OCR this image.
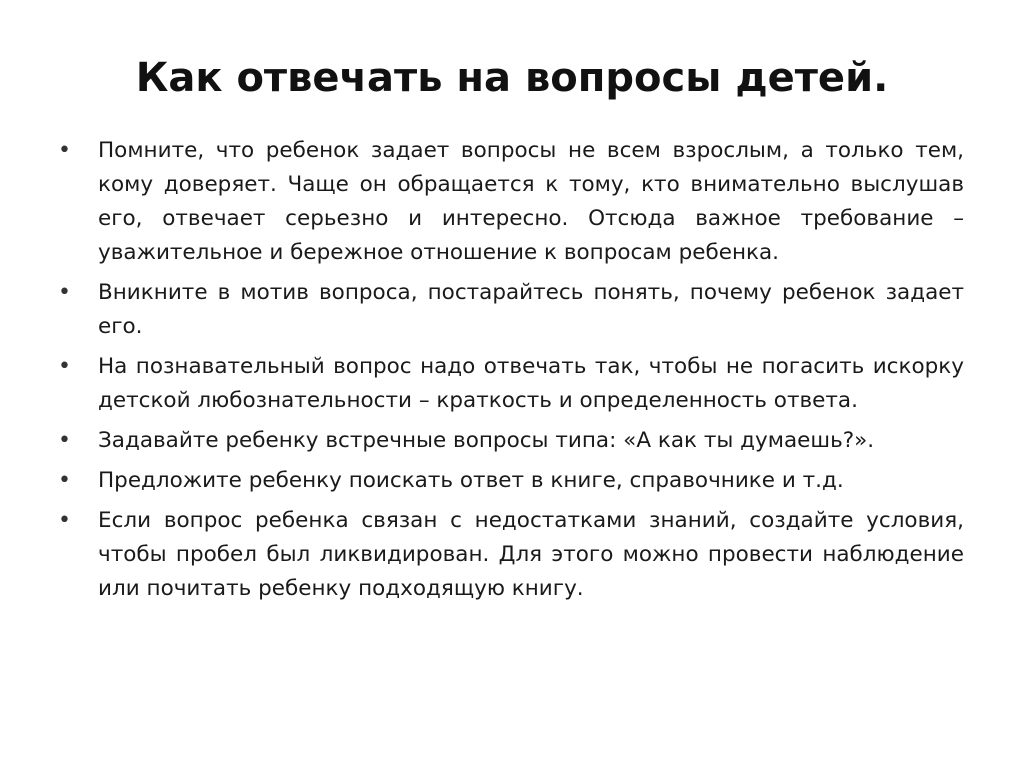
Как отвечать на вопросы детей.
• Помните, что ребенок задает вопросы не всем взрослым, а только тем, кому доверяет. Чаще он обращается к тому, кто внимательно выслушав его, отвечает серьезно и интересно. Отсюда важное требование – уважительное и бережное отношение к вопросам ребенка.
• Вникните в мотив вопроса, постарайтесь понять, почему ребенок задает его.
• На познавательный вопрос надо отвечать так, чтобы не погасить искорку детской любознательности – краткость и определенность ответа.
• Задавайте ребенку встречные вопросы типа: «А как ты думаешь?».
• Предложите ребенку поискать ответ в книге, справочнике и т.д.
• Если вопрос ребенка связан с недостатками знаний, создайте условия, чтобы пробел был ликвидирован. Для этого можно провести наблюдение или почитать ребенку подходящую книгу.
